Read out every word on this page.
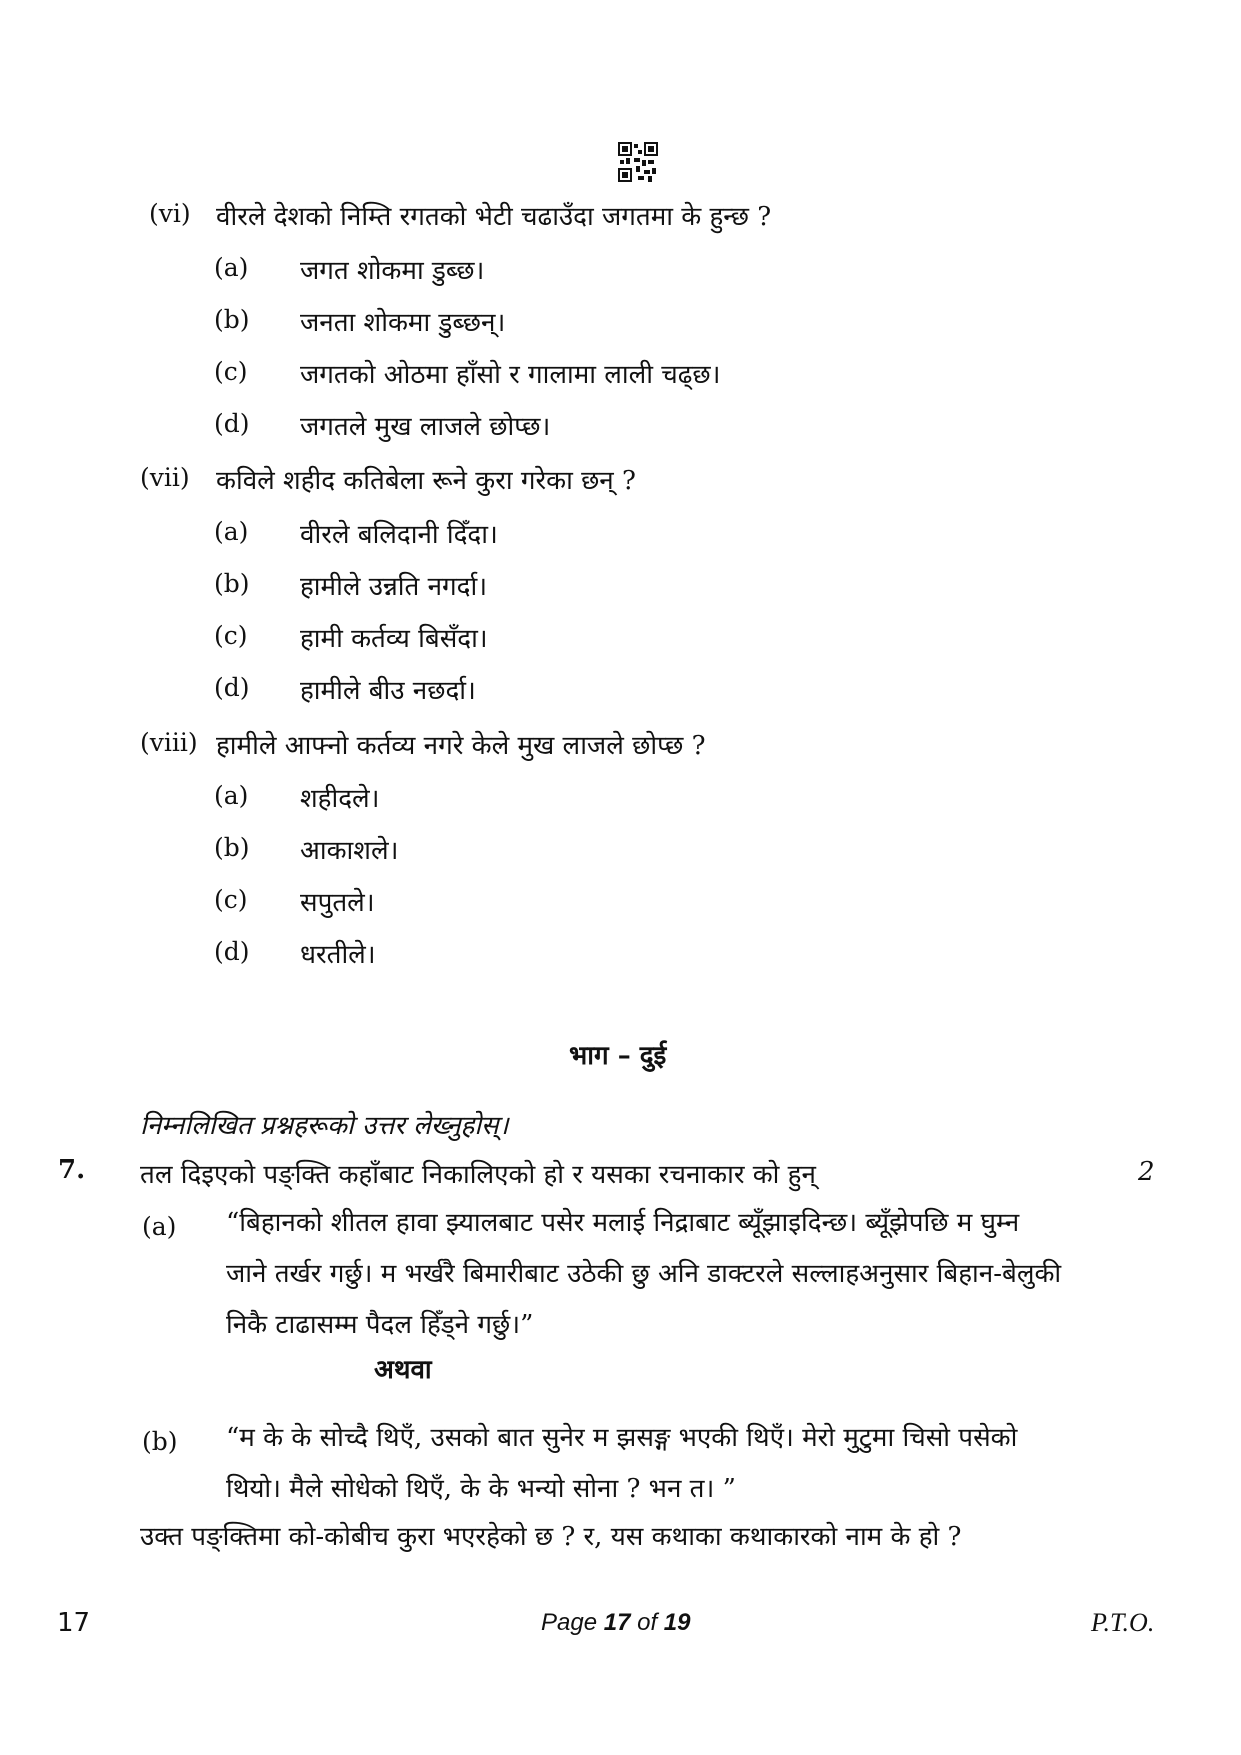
(vi) वीरले देशको निम्ति रगतको भेटी चढाउँदा जगतमा के हुन्छ ?
(a) जगत शोकमा डुब्छ।
(b) जनता शोकमा डुब्छन्।
(c) जगतको ओठमा हाँसो र गालामा लाली चढ्छ।
(d) जगतले मुख लाजले छोप्छ।
(vii) कविले शहीद कतिबेला रूने कुरा गरेका छन् ?
(a) वीरले बलिदानी दिँदा।
(b) हामीले उन्नति नगर्दा।
(c) हामी कर्तव्य बिसँदा।
(d) हामीले बीउ नछर्दा।
(viii) हामीले आफ्नो कर्तव्य नगरे केले मुख लाजले छोप्छ ?
(a) शहीदले।
(b) आकाशले।
(c) सपुतले।
(d) धरतीले।
भाग – दुई
निम्नलिखित प्रश्नहरूको उत्तर लेख्नुहोस्।
7. तल दिइएको पङ्क्ति कहाँबाट निकालिएको हो र यसका रचनाकार को हुन्	2
(a) “बिहानको शीतल हावा झ्यालबाट पसेर मलाई निद्राबाट ब्यूँझाइदिन्छ। ब्यूँझेपछि म घुम्न
जाने तर्खर गर्छु। म भर्खरै बिमारीबाट उठेकी छु अनि डाक्टरले सल्लाहअनुसार बिहान-बेलुकी
निकै टाढासम्म पैदल हिँड्ने गर्छु।”
अथवा
(b) “म के के सोच्दै थिएँ, उसको बात सुनेर म झसङ्ग भएकी थिएँ। मेरो मुटुमा चिसो पसेको
थियो। मैले सोधेको थिएँ, के के भन्यो सोना ? भन त। ”
उक्त पङ्क्तिमा को-कोबीच कुरा भएरहेको छ ? र, यस कथाका कथाकारको नाम के हो ?
17	Page 17 of 19	P.T.O.
